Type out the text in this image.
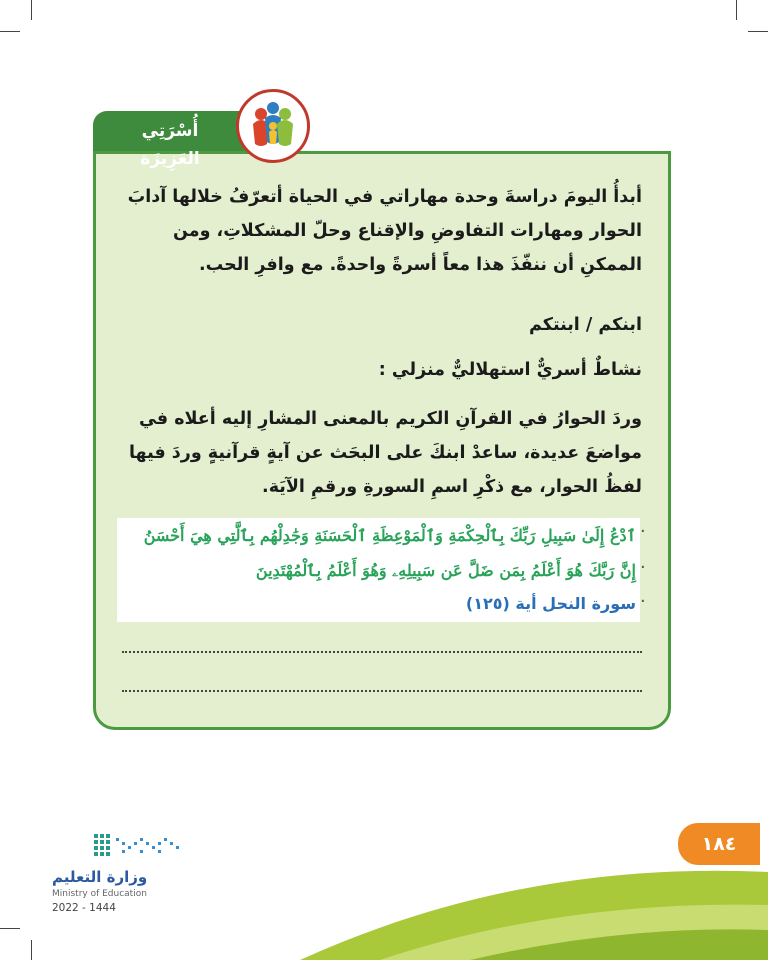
أُسْرَتِي العَزِيزَة
أبدأُ اليومَ دراسةَ وحدة مهاراتي في الحياة أتعرّفُ خلالها آدابَ الحوار ومهارات التفاوضِ والإقناع وحلّ المشكلاتِ، ومن الممكنِ أن ننفّذَ هذا معاً أسرةً واحدةً. مع وافرِ الحب.
ابنكم / ابنتكم
نشاطٌ أسريٌّ استهلاليٌّ منزلي :
وردَ الحوارُ في القرآنِ الكريم بالمعنى المشارِ إليه أعلاه في مواضعَ عديدة، ساعدْ ابنكَ على البحَث عن آيةٍ قرآنيةٍ وردَ فيها لفظُ الحوار، مع ذكْرِ اسمِ السورةِ ورقمِ الآيَة.
ٱدْعُ إِلَىٰ سَبِيلِ رَبِّكَ بِٱلْحِكْمَةِ وَٱلْمَوْعِظَةِ ٱلْحَسَنَةِ وَجَٰدِلْهُم بِٱلَّتِي هِيَ أَحْسَنُ
إِنَّ رَبَّكَ هُوَ أَعْلَمُ بِمَن ضَلَّ عَن سَبِيلِهِۦ وَهُوَ أَعْلَمُ بِٱلْمُهْتَدِينَ
سورة النحل أية (١٢٥)
.
.
.
١٨٤
وزارة التعليم
Ministry of Education
2022 - 1444
